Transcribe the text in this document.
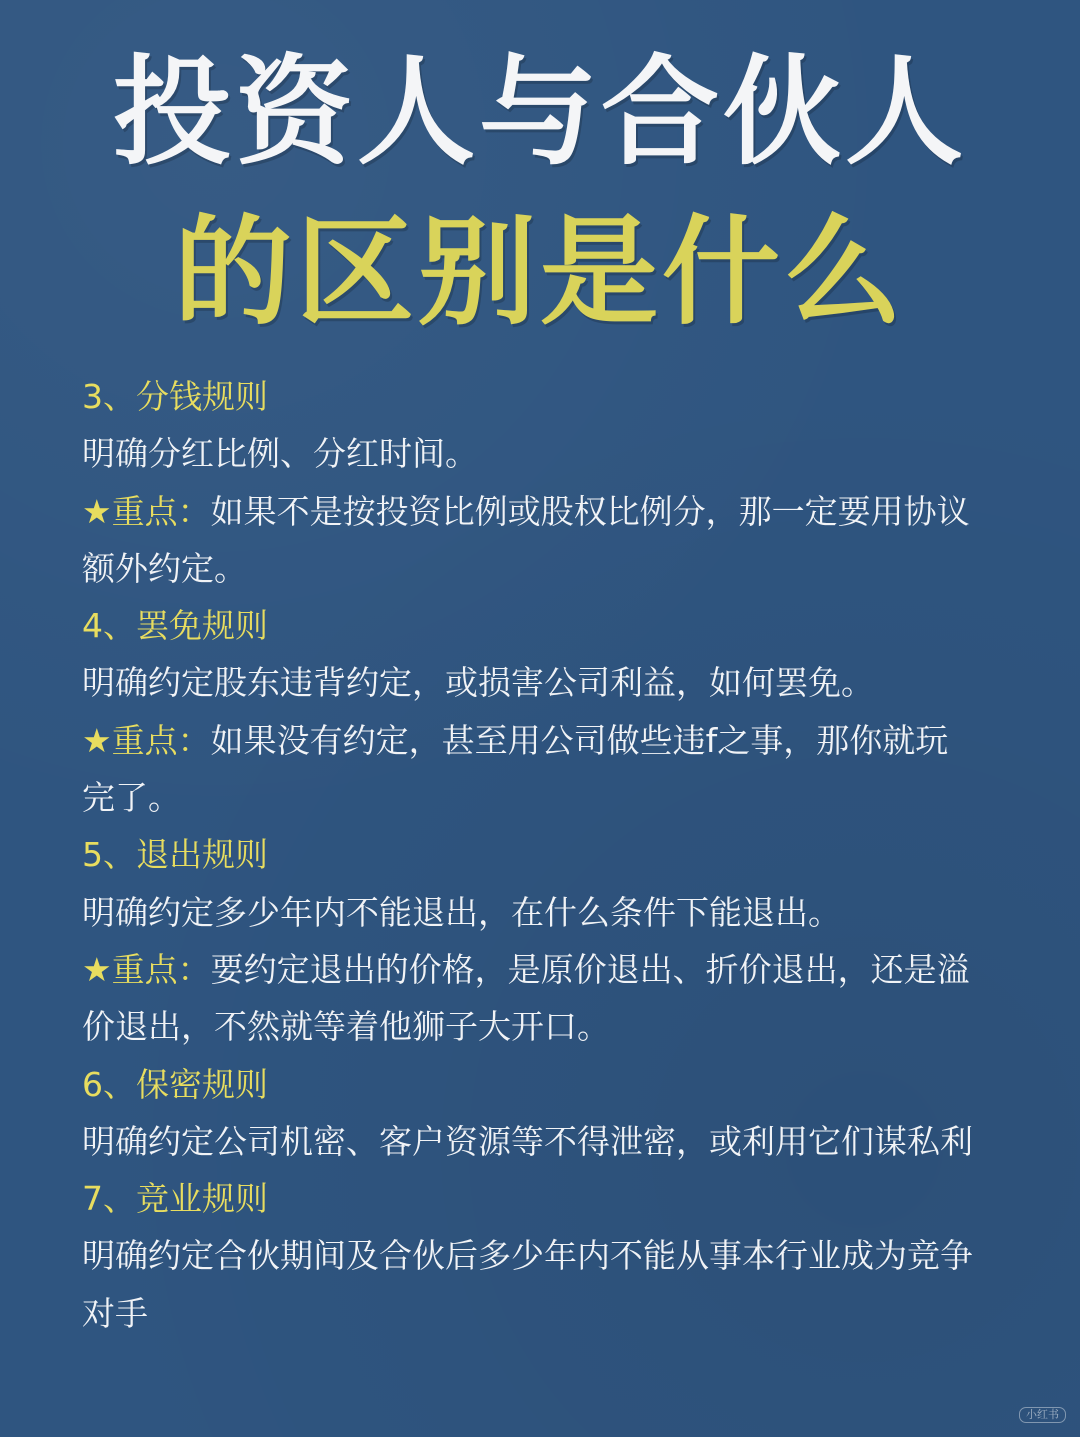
投资人与合伙人
的区别是什么
3、分钱规则
明确分红比例、分红时间。
★重点：如果不是按投资比例或股权比例分，那一定要用协议
额外约定。
4、罢免规则
明确约定股东违背约定，或损害公司利益，如何罢免。
★重点：如果没有约定，甚至用公司做些违f之事，那你就玩
完了。
5、退出规则
明确约定多少年内不能退出，在什么条件下能退出。
★重点：要约定退出的价格，是原价退出、折价退出，还是溢
价退出，不然就等着他狮子大开口。
6、保密规则
明确约定公司机密、客户资源等不得泄密，或利用它们谋私利
7、竞业规则
明确约定合伙期间及合伙后多少年内不能从事本行业成为竞争
对手
小红书
